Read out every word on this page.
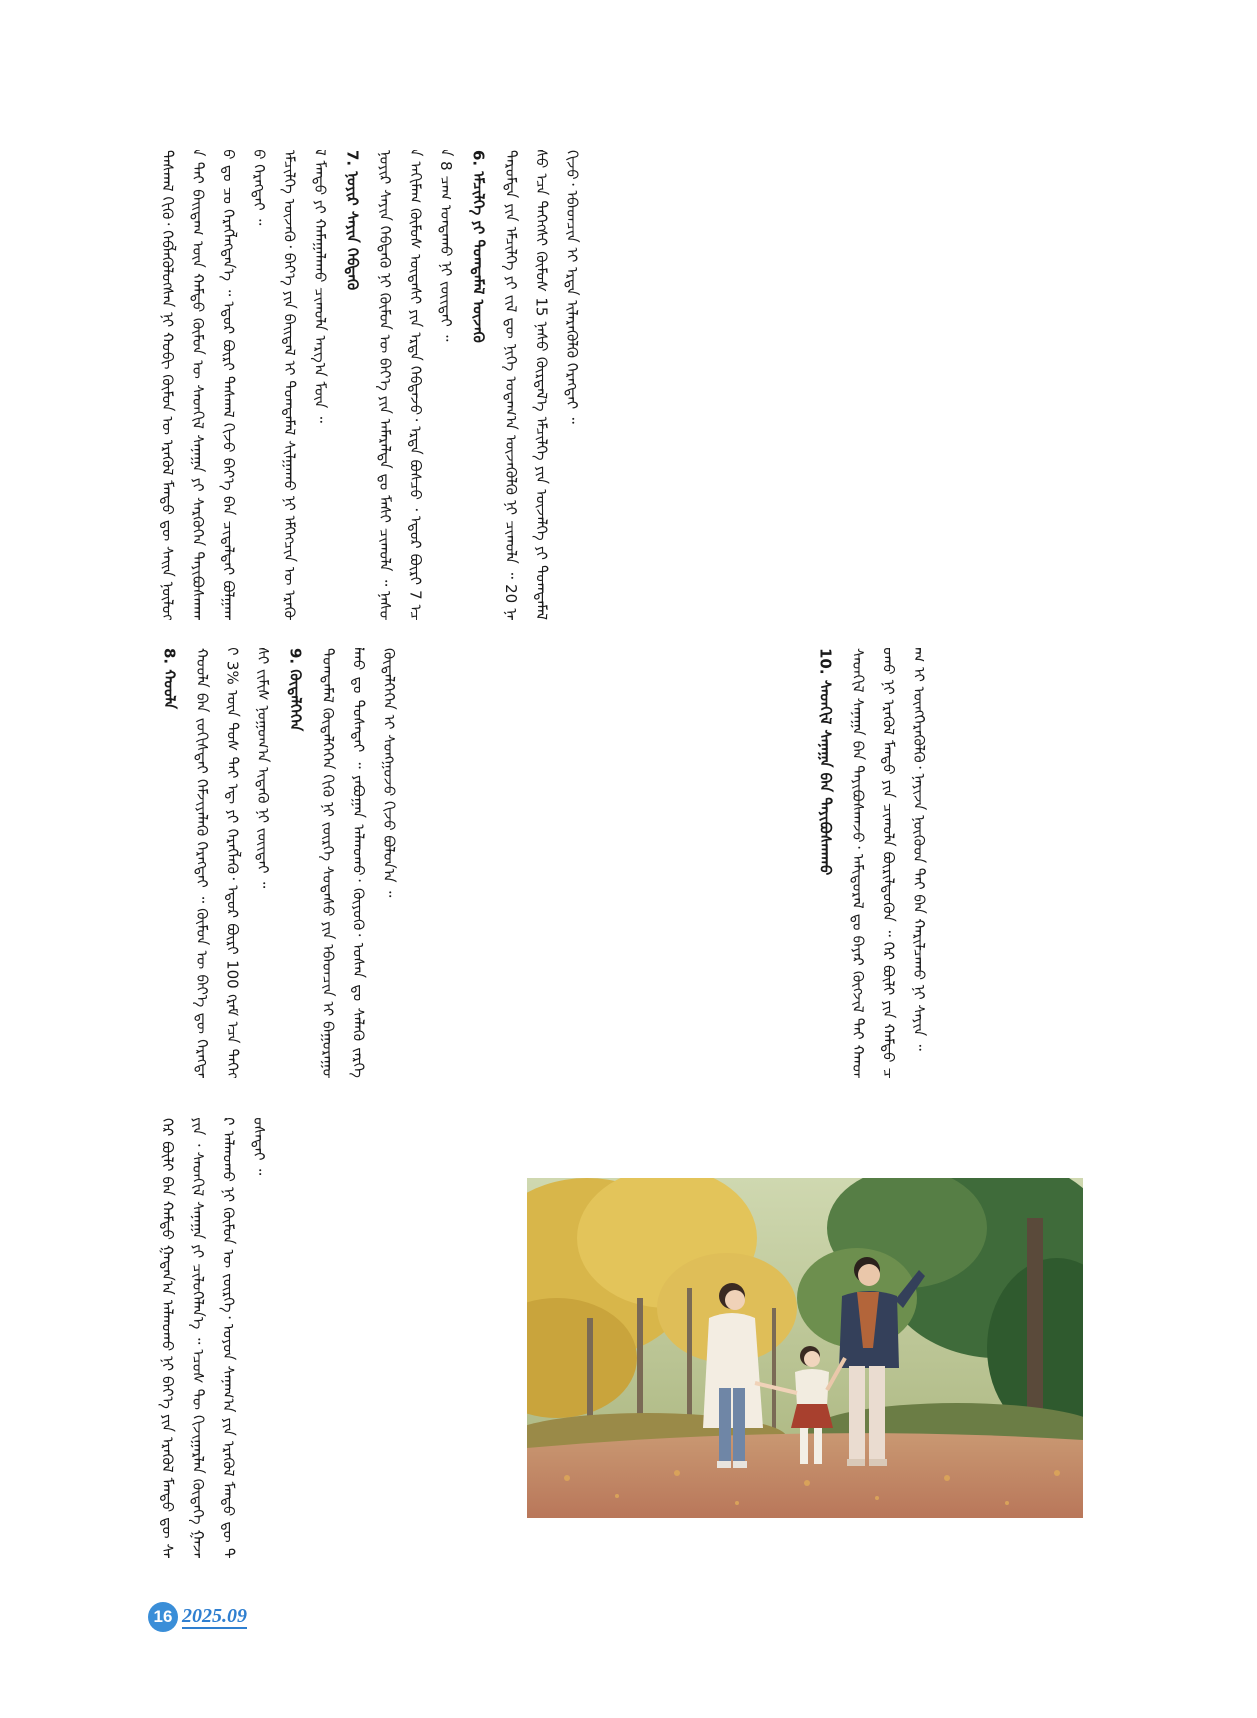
ᠳᠠᠰᠬᠠᠯ ᠬᠢᠬᠦ᠂ ᠬᠡᠪᠯᠡᠭᠦᠯᠦᠭᠰᠡᠨ ᠨᠢ ᠬᠤᠪᠢ ᠬᠦᠮᠦᠨ ᠦ ᠡᠷᠡᠭᠦᠯ ᠮᠡᠨᠳᠦ ᠳᠦ ᠰᠠᠢᠨ ᠨᠥᠯᠦᠭᠡ ᠲᠡᠢ ᠪᠠᠢᠳᠠᠭ ᠦᠨ ᠬᠠᠮᠲᠤ ᠬᠦᠮᠦᠨ ᠦ ᠰᠡᠳᠬᠢᠯ ᠰᠠᠨᠠᠭᠠ ᠶᠢ ᠰᠡᠷᠭᠦᠭᠡᠨ ᠲᠠᠶᠢᠪᠤᠰᠬᠠᠬᠤ ᠳᠤ ᠴᠤ ᠬᠡᠷᠡᠭᠯᠡᠭᠳᠡᠨ᠎ᠡ ᠃ ᠡᠳᠦᠷ ᠪᠦᠷᠢ ᠳᠠᠰᠬᠠᠯ ᠬᠢᠵᠦ ᠪᠡᠶ᠎ᠡ ᠪᠡᠨ ᠴᠢᠳᠠᠯᠲᠠᠶ ᠪᠣᠯᠭᠠᠬᠤ ᠬᠡᠷᠡᠭᠲᠡᠢ ᠃ ᠡᠮᠴᠢᠯᠭᠡ ᠦᠵᠡᠬᠦ᠂ ᠪᠡᠶ᠎ᠡ ᠶᠢᠨ ᠪᠠᠢᠳᠠᠯ ᠢ ᠲᠣᠭᠲᠠᠮᠠᠯ ᠰᠢᠯᠭᠠᠬᠤ ᠨᠢ ᠡᠮᠭᠡᠭᠴᠢᠨ ᠦ ᠡᠷᠡᠭᠦᠯ ᠮᠡᠨᠳᠦ ᠶᠢ ᠬᠠᠮᠠᠭᠠᠯᠠᠬᠤ ᠴᠢᠬᠤᠯᠠ ᠠᠷᠭ᠎ᠠ ᠮᠥᠨ ᠃ 7. ᠨᠣᠶᠢᠷ ᠰᠠᠶᠢᠨ ᠬᠡᠪᠲᠡᠬᠦ ᠨᠣᠶᠢᠷ ᠰᠠᠶᠢᠨ ᠬᠡᠪᠲᠡᠬᠦ ᠨᠢ ᠬᠦᠮᠦᠨ ᠦ ᠪᠡᠶ᠎ᠡ ᠶᠢᠨ ᠠᠮᠠᠷᠠᠯᠲᠠ ᠳᠤ ᠮᠠᠰᠢ ᠴᠢᠬᠤᠯᠠ ᠃ ᠨᠠᠰᠤᠨ ᠠᠬᠢᠮᠠᠭ ᠬᠦᠮᠦᠰ ᠦᠳᠡᠰᠢ ᠶᠢᠨ ᠡᠷᠲᠡ ᠬᠡᠪᠲᠡᠵᠦ᠂ ᠡᠷᠲᠡ ᠪᠣᠰᠴᠤ ᠂ ᠡᠳᠦᠷ ᠪᠦᠷᠢ 7 ᠡᠴᠡ 8 ᠴᠠᠭ ᠤᠨᠲᠠᠬᠤ ᠨᠢ ᠵᠦᠢᠲᠡᠢ ᠃ 6. ᠡᠮᠴᠢᠯᠭᠡ ᠶᠢ ᠲᠣᠭᠲᠠᠮᠠᠯ ᠦᠵᠡᠬᠦ ᠳᠠᠷᠤᠮᠲᠠ ᠶᠢᠨ ᠡᠮᠴᠢᠯᠭᠡ ᠶᠢ ᠵᠢᠯ ᠳᠦ ᠨᠢᠭᠡ ᠤᠳᠠᠭ᠎ᠠ ᠦᠵᠡᠭᠦᠯᠬᠦ ᠨᠢ ᠴᠢᠬᠤᠯᠠ ᠃ 20 ᠨᠠᠰᠤ ᠡᠴᠡ ᠳᠡᠭᠡᠭᠰᠢ ᠬᠦᠮᠦᠰ 15 ᠨᠠᠰᠤ ᠬᠦᠷᠲᠡᠯ᠎ᠡ ᠡᠮᠴᠢᠯᠭᠡ ᠶᠢᠨ ᠦᠵᠡᠯᠭᠡ ᠶᠢ ᠲᠣᠭᠲᠠᠮᠠᠯ ᠬᠢᠵᠦ᠂ ᠡᠪᠡᠳᠴᠢᠨ ᠢ ᠡᠷᠲᠡ ᠢᠯᠡᠷᠡᠭᠦᠯᠬᠦ ᠬᠡᠷᠡᠭᠲᠡᠢ ᠃
8. ᠬᠣᠣᠯᠠ ᠬᠣᠣᠯᠠ ᠪᠡᠨ ᠵᠣᠬᠢᠰᠲᠠᠢ ᠬᠡᠮᠵᠢᠶᠡᠯᠡᠬᠦ ᠬᠡᠷᠡᠭᠲᠡᠢ ᠃ ᠬᠦᠮᠦᠨ ᠦ ᠪᠡᠶ᠎ᠡ ᠳᠦ ᠬᠡᠷᠡᠭᠲᠡᠢ 3% ᠦᠨ ᠲᠤᠰ ᠲᠠᠢ ᠡᠳ᠋ ᠶᠢ ᠬᠡᠷᠡᠭᠯᠡᠬᠦ᠂ ᠡᠳᠦᠷ ᠪᠦᠷᠢ 100 ᠭᠷᠡᠮ ᠡᠴᠡ ᠳᠡᠭᠡᠭᠰᠢ ᠵᠢᠮᠢᠰ ᠨᠤᠭᠤᠭ᠎ᠠ ᠢᠳᠡᠬᠦ ᠨᠢ ᠵᠦᠢᠲᠡᠢ ᠃ 9. ᠬᠥᠳᠡᠯᠭᠡᠭᠡᠨ ᠲᠣᠭᠲᠠᠮᠠᠯ ᠬᠥᠳᠡᠯᠭᠡᠭᠡᠨ ᠬᠢᠬᠦ ᠨᠢ ᠵᠦᠷᠬᠡ ᠰᠤᠳᠠᠰᠤ ᠶᠢᠨ ᠡᠪᠡᠳᠴᠢᠨ ᠢ ᠪᠠᠭᠤᠷᠠᠭᠤᠯᠬᠤ ᠳᠤ ᠲᠤᠰᠠᠲᠠᠢ ᠃ ᠶᠠᠪᠤᠭᠠᠨ ᠠᠯᠬᠤᠬᠤ᠂ ᠭᠦᠶᠦᠬᠦ᠂ ᠤᠰᠠᠨ ᠳᠤ ᠰᠡᠯᠡᠬᠦ ᠵᠡᠷᠭᠡ ᠬᠥᠳᠡᠯᠭᠡᠭᠡᠨ ᠢ ᠰᠣᠩᠭᠣᠵᠤ ᠬᠢᠵᠦ ᠪᠣᠯᠣᠨ᠎ᠠ ᠃	10. ᠰᠡᠳᠬᠢᠯ ᠰᠠᠨᠠᠭᠠ ᠪᠡᠨ ᠲᠠᠶᠢᠪᠤᠰᠬᠠᠬᠤ ᠰᠡᠳᠬᠢᠯ ᠰᠠᠨᠠᠭᠠ ᠪᠡᠨ ᠲᠠᠶᠢᠪᠤᠰᠬᠠᠵᠤ᠂ ᠠᠮᠢᠳᠤᠷᠠᠯ ᠳᠤ ᠪᠠᠶᠠᠷ ᠬᠥᠭᠵᠢᠯ ᠲᠠᠶ ᠬᠠᠨᠳᠤᠬᠤ ᠨᠢ ᠡᠷᠡᠭᠦᠯ ᠮᠡᠨᠳᠦ ᠶᠢᠨ ᠴᠢᠬᠤᠯᠠ ᠪᠦᠷᠢᠯᠳᠦᠬᠦᠨ ᠃ ᠭᠡᠷ ᠪᠦᠯᠢ ᠶᠢᠨ ᠬᠠᠮᠲᠤ ᠴᠠᠭ ᠢ ᠥᠩᠭᠡᠷᠡᠭᠦᠯᠬᠦ᠂ ᠨᠠᠶᠢᠵᠠ ᠨᠥᠬᠥᠳ ᠲᠡᠢ ᠪᠠᠨ ᠬᠠᠷᠢᠯᠴᠠᠬᠤ ᠨᠢ ᠰᠠᠶᠢᠨ ᠃
ᠭᠡᠷ ᠪᠦᠯᠢ ᠪᠡᠨ ᠬᠠᠮᠲᠤ ᠭᠠᠳᠠᠨ᠎ᠠ ᠠᠯᠬᠤᠬᠤ ᠨᠢ ᠪᠡᠶ᠎ᠡ ᠶᠢᠨ ᠡᠷᠡᠭᠦᠯ ᠮᠡᠨᠳᠦ ᠳᠦ ᠰᠠᠶᠢᠨ ᠂ ᠰᠡᠳᠬᠢᠯ ᠰᠠᠨᠠᠭᠠ ᠶᠢ ᠴᠢᠯᠦᠭᠡᠯᠡᠨ᠎ᠡ ᠃ ᠡᠴᠦᠰ ᠲᠦ ᠬᠢᠵᠢᠭᠠᠷᠯᠠᠨ ᠬᠦᠳᠡᠭᠡ ᠭᠠᠵᠠᠷ ᠠᠯᠬᠤᠬᠤ ᠨᠢ ᠬᠦᠮᠦᠨ ᠦ ᠵᠦᠷᠬᠡ᠂ ᠣᠶᠤᠨ ᠰᠠᠨᠠᠭ᠎ᠠ ᠶᠢᠨ ᠡᠷᠡᠭᠦᠯ ᠮᠡᠨᠳᠦ ᠳᠦ ᠲᠤᠰᠠᠲᠠᠢ ᠃
16 2025.09
